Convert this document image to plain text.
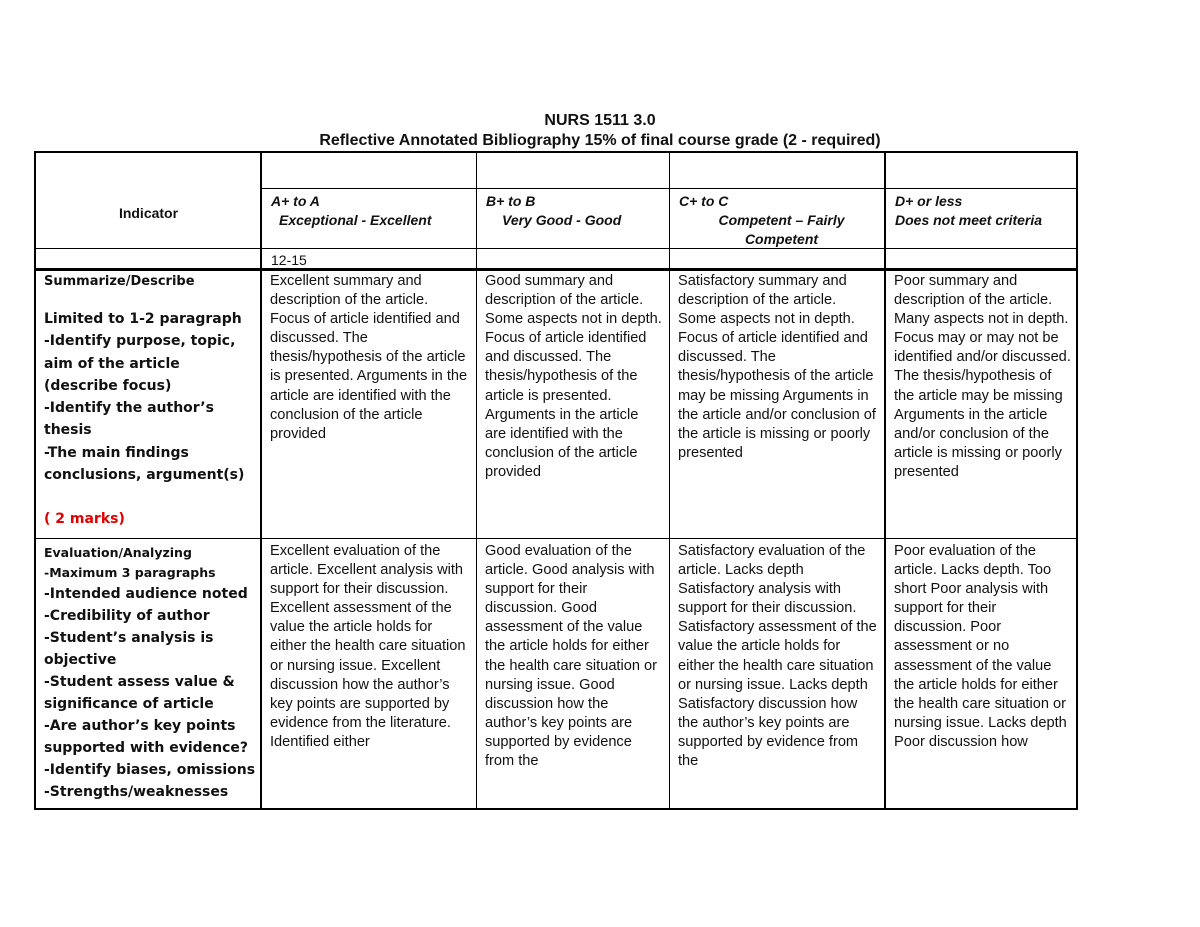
NURS 1511 3.0
Reflective Annotated Bibliography 15% of final course grade (2 - required)
Indicator
A+ to A
Exceptional - Excellent
B+ to B
Very Good - Good
C+ to C
Competent – Fairly Competent
D+ or less
Does not meet criteria
12-15
Summarize/Describe
Limited to 1-2 paragraph
-Identify purpose, topic, aim of the article (describe focus)
-Identify the author’s thesis
-The main findings conclusions, argument(s)
( 2 marks)
Excellent summary and description of the article. Focus of article identified and discussed. The thesis/hypothesis of the article is presented. Arguments in the article are identified with the conclusion of the article provided
Good summary and description of the article. Some aspects not in depth. Focus of article identified and discussed. The thesis/hypothesis of the article is presented. Arguments in the article are identified with the conclusion of the article provided
Satisfactory summary and description of the article. Some aspects not in depth. Focus of article identified and discussed. The thesis/hypothesis of the article may be missing Arguments in the article and/or conclusion of the article is missing or poorly presented
Poor summary and description of the article. Many aspects not in depth. Focus may or may not be identified and/or discussed. The thesis/hypothesis of the article may be missing Arguments in the article and/or conclusion of the article is missing or poorly presented
Evaluation/Analyzing
-Maximum 3 paragraphs
-Intended audience noted
-Credibility of author
-Student’s analysis is objective
-Student assess value & significance of article
-Are author’s key points supported with evidence?
-Identify biases, omissions
-Strengths/weaknesses
Excellent evaluation of the article. Excellent analysis with support for their discussion. Excellent assessment of the value the article holds for either the health care situation or nursing issue. Excellent discussion how the author’s key points are supported by evidence from the literature. Identified either
Good evaluation of the article. Good analysis with support for their discussion. Good assessment of the value the article holds for either the health care situation or nursing issue. Good discussion how the author’s key points are supported by evidence from the
Satisfactory evaluation of the article. Lacks depth Satisfactory analysis with support for their discussion. Satisfactory assessment of the value the article holds for either the health care situation or nursing issue. Lacks depth Satisfactory discussion how the author’s key points are supported by evidence from the
Poor evaluation of the article. Lacks depth. Too short Poor analysis with support for their discussion. Poor assessment or no assessment of the value the article holds for either the health care situation or nursing issue. Lacks depth Poor discussion how
